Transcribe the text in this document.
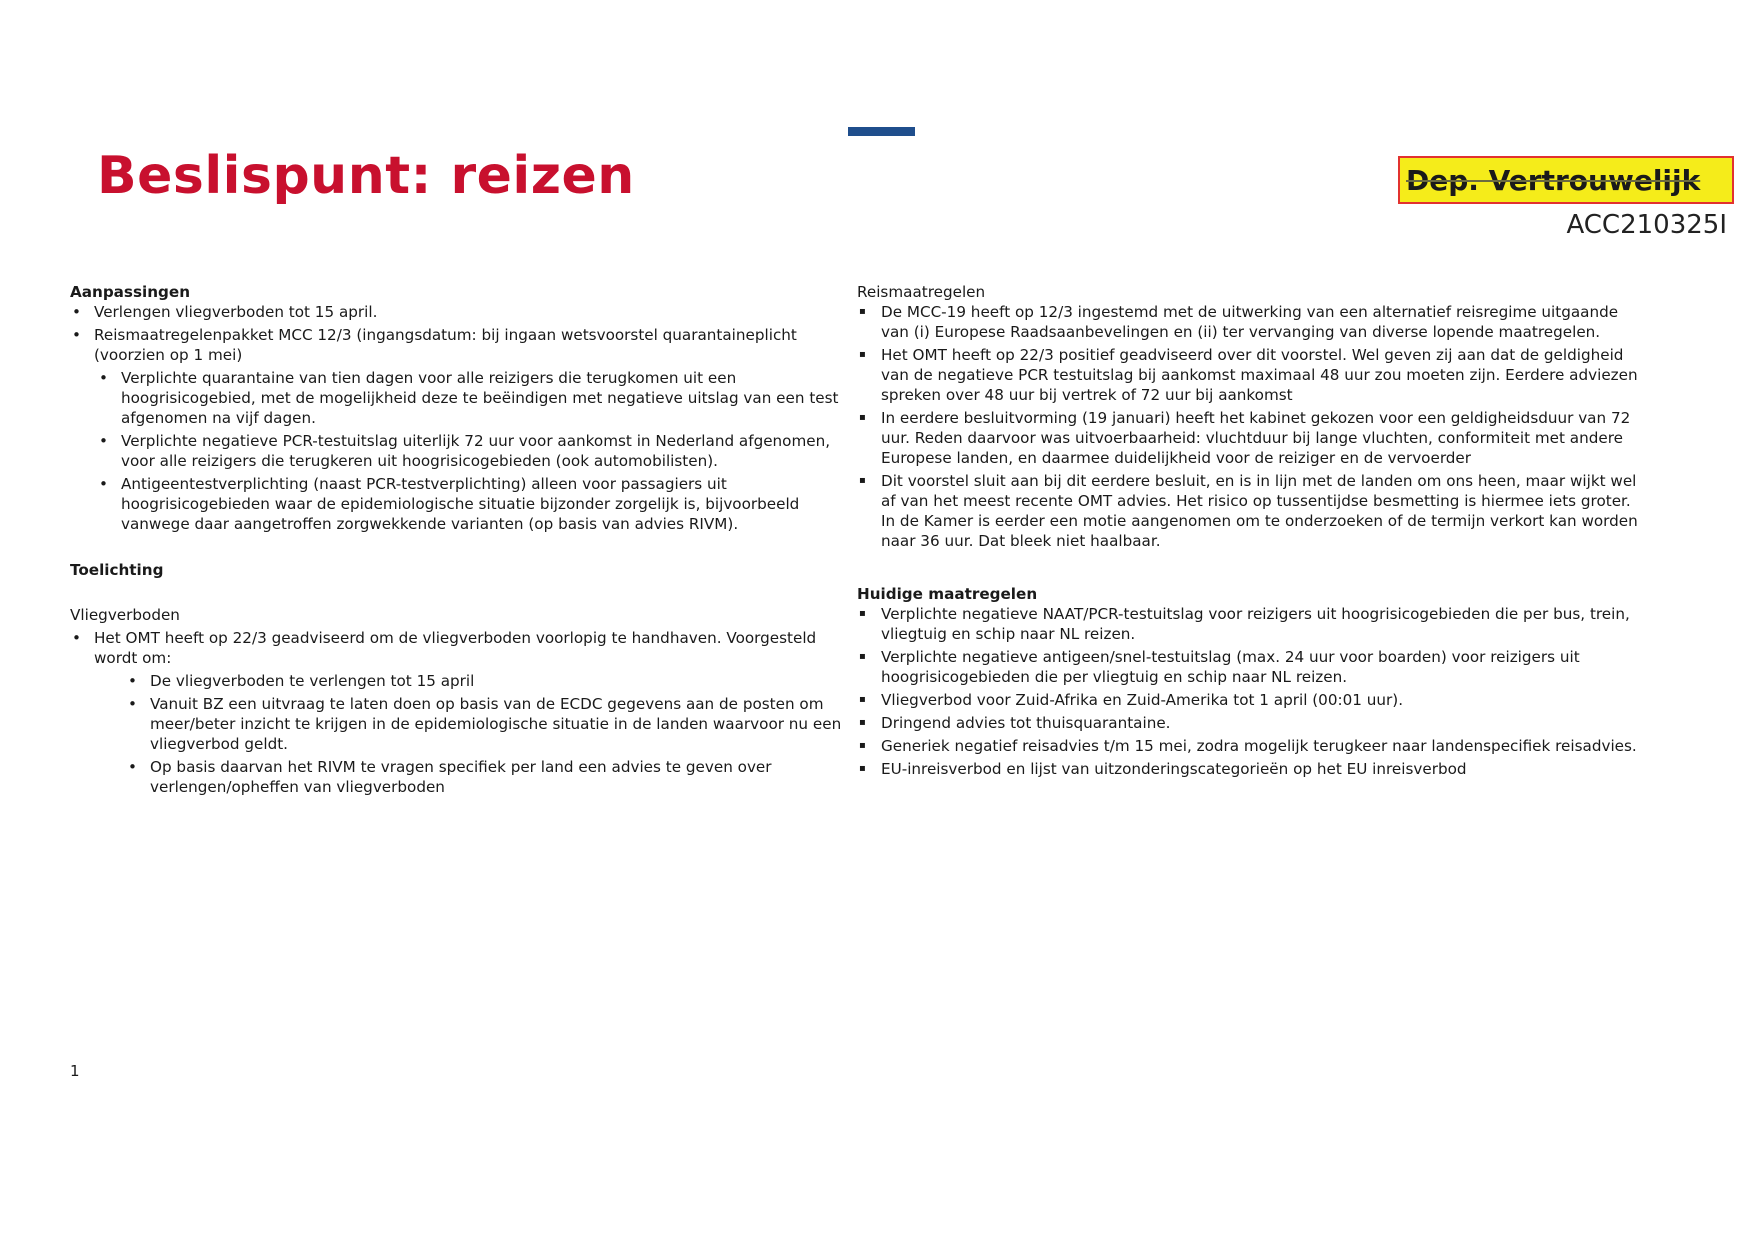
Beslispunt: reizen	Dep. Vertrouwelijk
ACC210325I
Aanpassingen
• Verlengen vliegverboden tot 15 april.
• Reismaatregelenpakket MCC 12/3 (ingangsdatum: bij ingaan wetsvoorstel quarantaineplicht (voorzien op 1 mei)
• Verplichte quarantaine van tien dagen voor alle reizigers die terugkomen uit een hoogrisicogebied, met de mogelijkheid deze te beëindigen met negatieve uitslag van een test afgenomen na vijf dagen.
• Verplichte negatieve PCR-testuitslag uiterlijk 72 uur voor aankomst in Nederland afgenomen, voor alle reizigers die terugkeren uit hoogrisicogebieden (ook automobilisten).
• Antigeentestverplichting (naast PCR-testverplichting) alleen voor passagiers uit hoogrisicogebieden waar de epidemiologische situatie bijzonder zorgelijk is, bijvoorbeeld vanwege daar aangetroffen zorgwekkende varianten (op basis van advies RIVM).
Toelichting

Vliegverboden

• Het OMT heeft op 22/3 geadviseerd om de vliegverboden voorlopig te handhaven. Voorgesteld wordt om:
• De vliegverboden te verlengen tot 15 april
• Vanuit BZ een uitvraag te laten doen op basis van de ECDC gegevens aan de posten om meer/beter inzicht te krijgen in de epidemiologische situatie in de landen waarvoor nu een vliegverbod geldt.
• Op basis daarvan het RIVM te vragen specifiek per land een advies te geven over verlengen/opheffen van vliegverboden

Reismaatregelen

▪ De MCC-19 heeft op 12/3 ingestemd met de uitwerking van een alternatief reisregime uitgaande van (i) Europese Raadsaanbevelingen en (ii) ter vervanging van diverse lopende maatregelen.
▪ Het OMT heeft op 22/3 positief geadviseerd over dit voorstel. Wel geven zij aan dat de geldigheid van de negatieve PCR testuitslag bij aankomst maximaal 48 uur zou moeten zijn. Eerdere adviezen spreken over 48 uur bij vertrek of 72 uur bij aankomst
▪ In eerdere besluitvorming (19 januari) heeft het kabinet gekozen voor een geldigheidsduur van 72 uur. Reden daarvoor was uitvoerbaarheid: vluchtduur bij lange vluchten, conformiteit met andere Europese landen, en daarmee duidelijkheid voor de reiziger en de vervoerder
▪ Dit voorstel sluit aan bij dit eerdere besluit, en is in lijn met de landen om ons heen, maar wijkt wel af van het meest recente OMT advies. Het risico op tussentijdse besmetting is hiermee iets groter. In de Kamer is eerder een motie aangenomen om te onderzoeken of de termijn verkort kan worden naar 36 uur. Dat bleek niet haalbaar.
Huidige maatregelen
▪ Verplichte negatieve NAAT/PCR-testuitslag voor reizigers uit hoogrisicogebieden die per bus, trein, vliegtuig en schip naar NL reizen.
▪ Verplichte negatieve antigeen/snel-testuitslag (max. 24 uur voor boarden) voor reizigers uit hoogrisicogebieden die per vliegtuig en schip naar NL reizen.
▪ Vliegverbod voor Zuid-Afrika en Zuid-Amerika tot 1 april (00:01 uur).
▪ Dringend advies tot thuisquarantaine.
▪ Generiek negatief reisadvies t/m 15 mei, zodra mogelijk terugkeer naar landenspecifiek reisadvies.
▪ EU-inreisverbod en lijst van uitzonderingscategorieën op het EU inreisverbod
1
